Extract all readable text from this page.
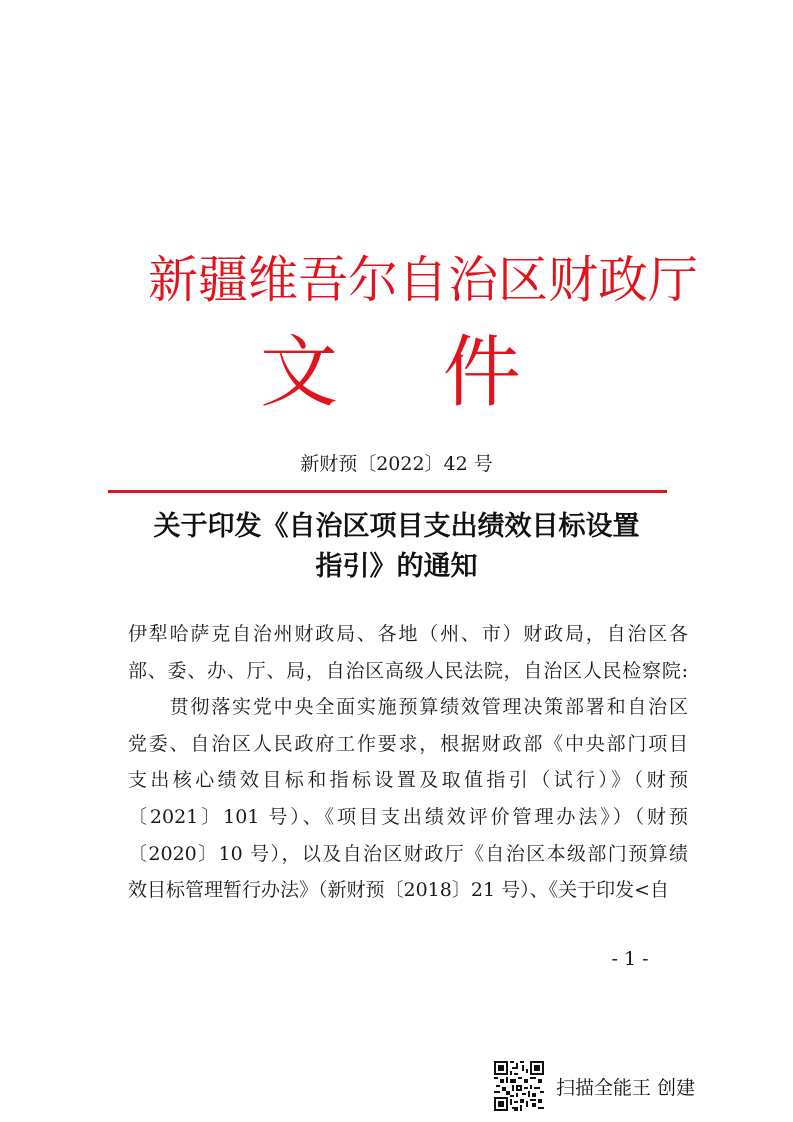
新疆维吾尔自治区财政厅
文 件
新财预〔2022〕42 号
关于印发《自治区项目支出绩效目标设置
指引》的通知
伊犁哈萨克自治州财政局、各地（州、市）财政局，自治区各
部、委、办、厅、局，自治区高级人民法院，自治区人民检察院:
　　贯彻落实党中央全面实施预算绩效管理决策部署和自治区
党委、自治区人民政府工作要求，根据财政部《中央部门项目
支出核心绩效目标和指标设置及取值指引（试行）》（财预
〔2021〕101 号）、《项目支出绩效评价管理办法》）（财预
〔2020〕10 号），以及自治区财政厅《自治区本级部门预算绩
效目标管理暂行办法》（新财预〔2018〕21 号）、《关于印发<自
- 1 -
扫描全能王 创建
